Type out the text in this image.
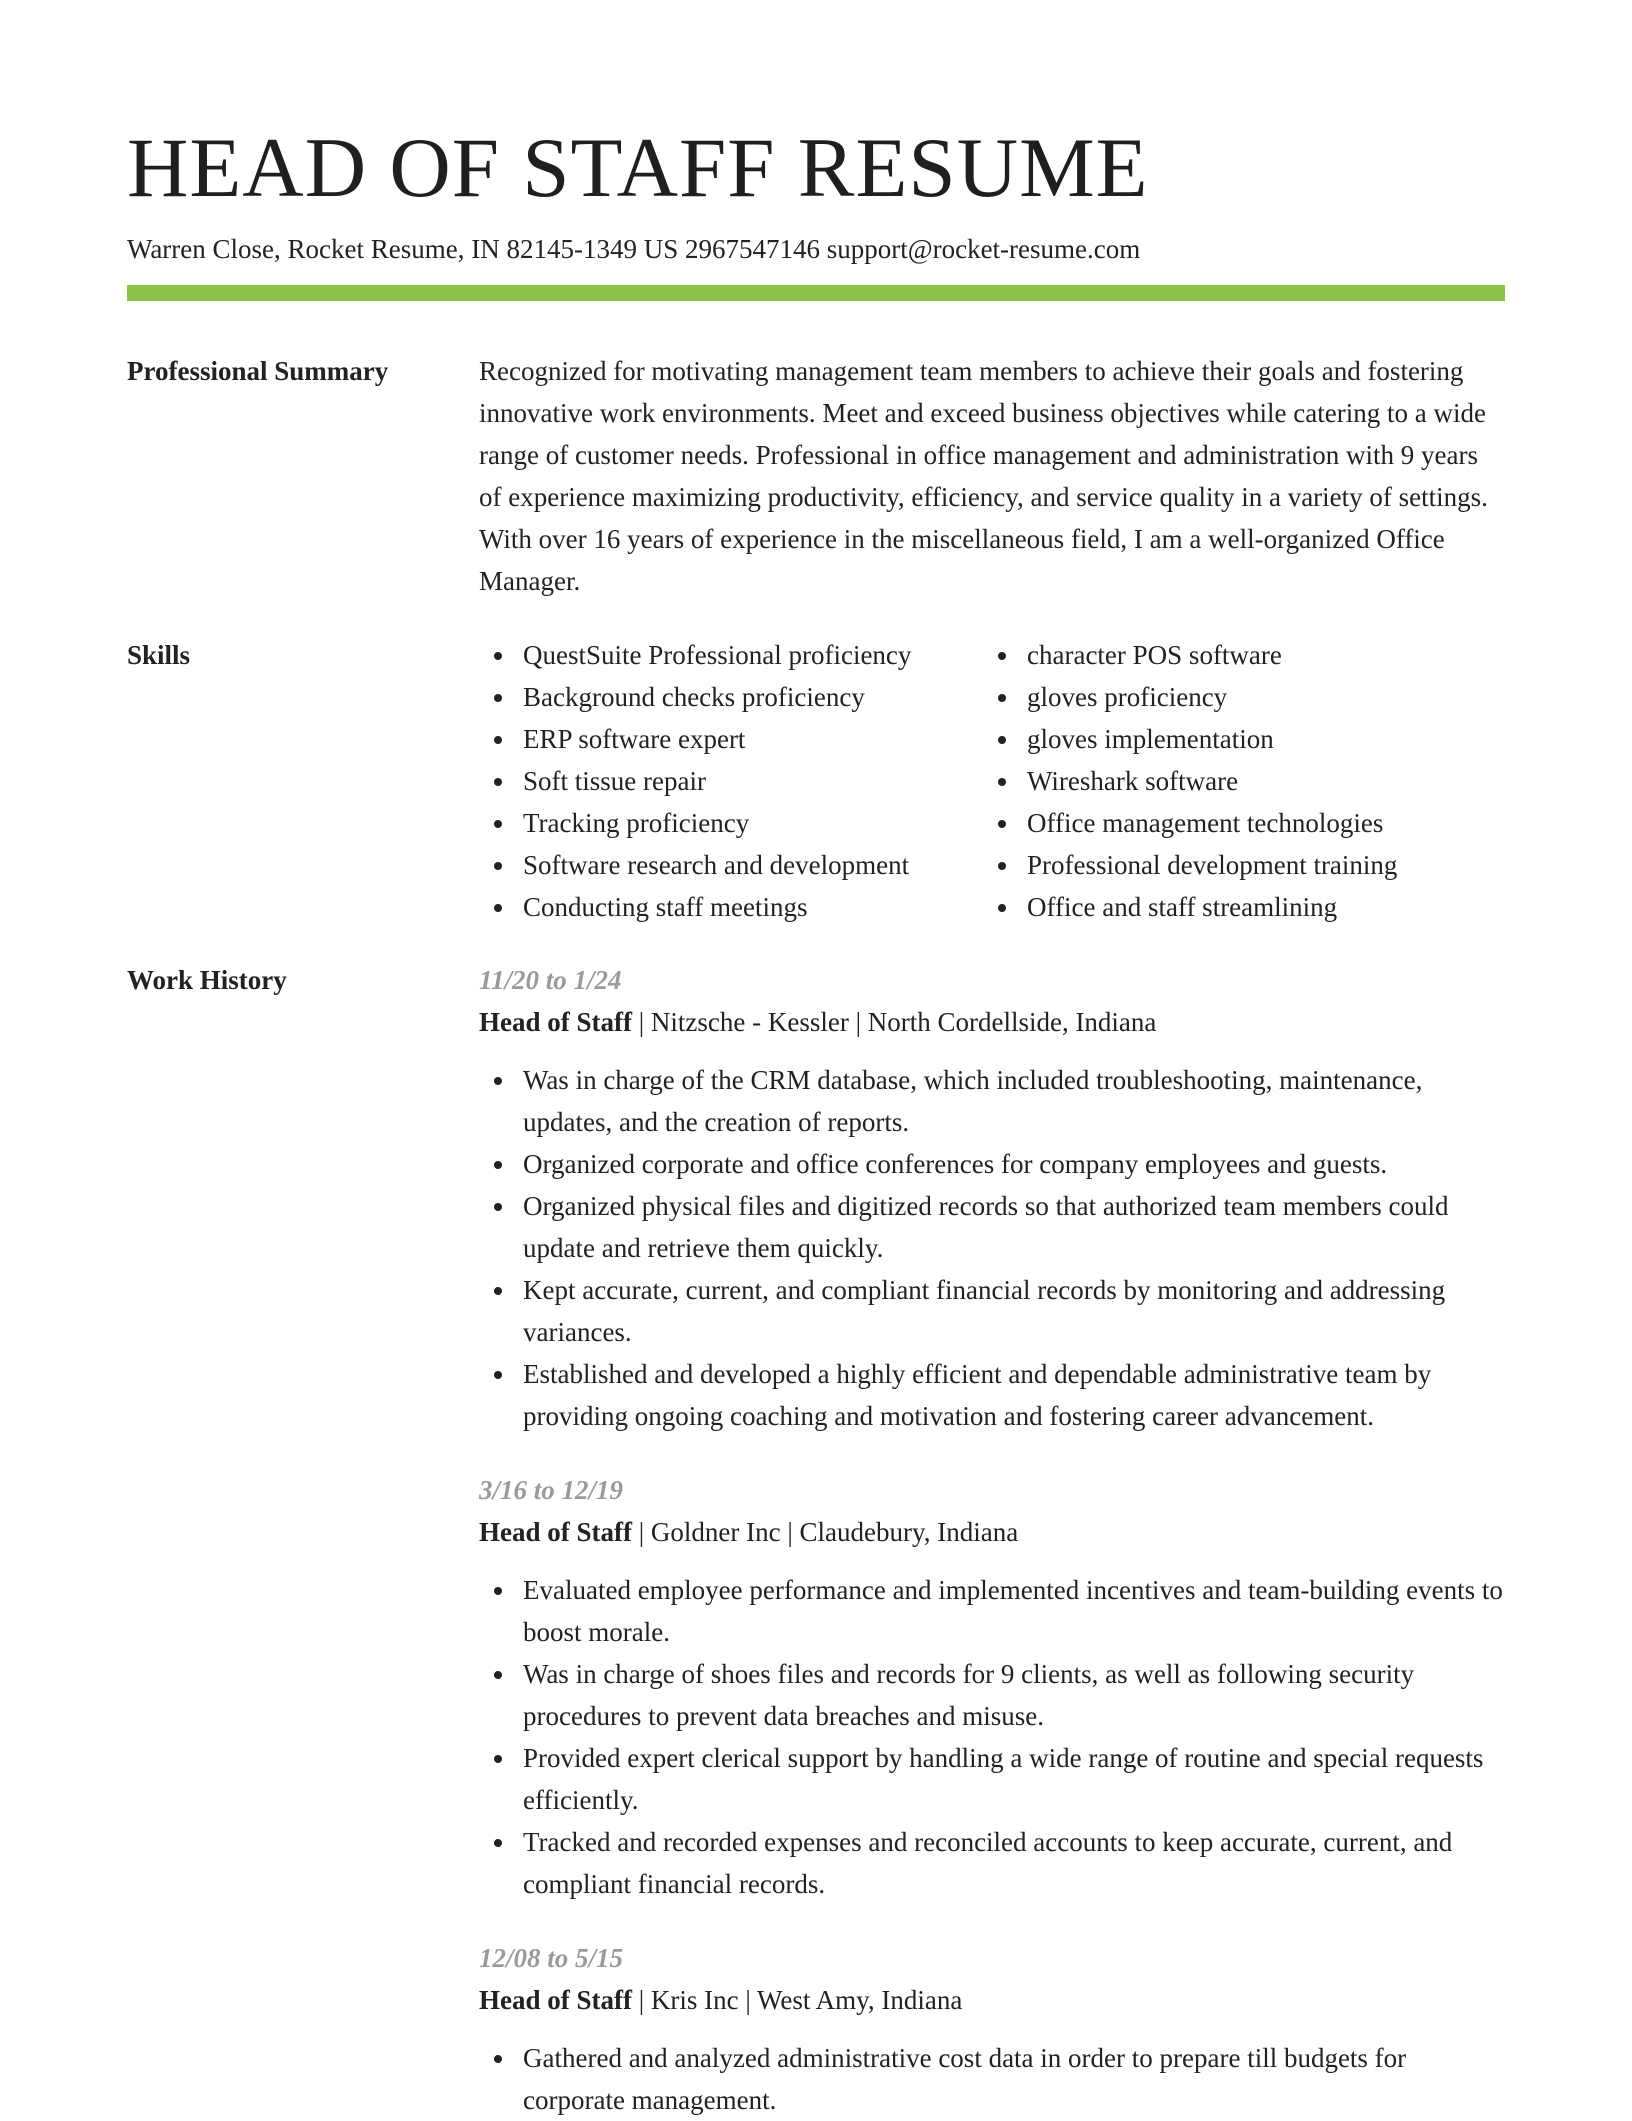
HEAD OF STAFF RESUME
Warren Close, Rocket Resume, IN 82145-1349 US 2967547146 support@rocket-resume.com
Professional Summary	Recognized for motivating management team members to achieve their goals and fostering innovative work environments. Meet and exceed business objectives while catering to a wide range of customer needs. Professional in office management and administration with 9 years of experience maximizing productivity, efficiency, and service quality in a variety of settings. With over 16 years of experience in the miscellaneous field, I am a well-organized Office Manager.
Skills	QuestSuite Professional proficiency
Background checks proficiency
ERP software expert
Soft tissue repair
Tracking proficiency
Software research and development
Conducting staff meetings
character POS software
gloves proficiency
gloves implementation
Wireshark software
Office management technologies
Professional development training
Office and staff streamlining
Work History	11/20 to 1/24
Head of Staff | Nitzsche - Kessler | North Cordellside, Indiana
Was in charge of the CRM database, which included troubleshooting, maintenance, updates, and the creation of reports.
Organized corporate and office conferences for company employees and guests.
Organized physical files and digitized records so that authorized team members could update and retrieve them quickly.
Kept accurate, current, and compliant financial records by monitoring and addressing variances.
Established and developed a highly efficient and dependable administrative team by providing ongoing coaching and motivation and fostering career advancement.
3/16 to 12/19
Head of Staff | Goldner Inc | Claudebury, Indiana
Evaluated employee performance and implemented incentives and team-building events to boost morale.
Was in charge of shoes files and records for 9 clients, as well as following security procedures to prevent data breaches and misuse.
Provided expert clerical support by handling a wide range of routine and special requests efficiently.
Tracked and recorded expenses and reconciled accounts to keep accurate, current, and compliant financial records.
12/08 to 5/15
Head of Staff | Kris Inc | West Amy, Indiana
Gathered and analyzed administrative cost data in order to prepare till budgets for corporate management.
